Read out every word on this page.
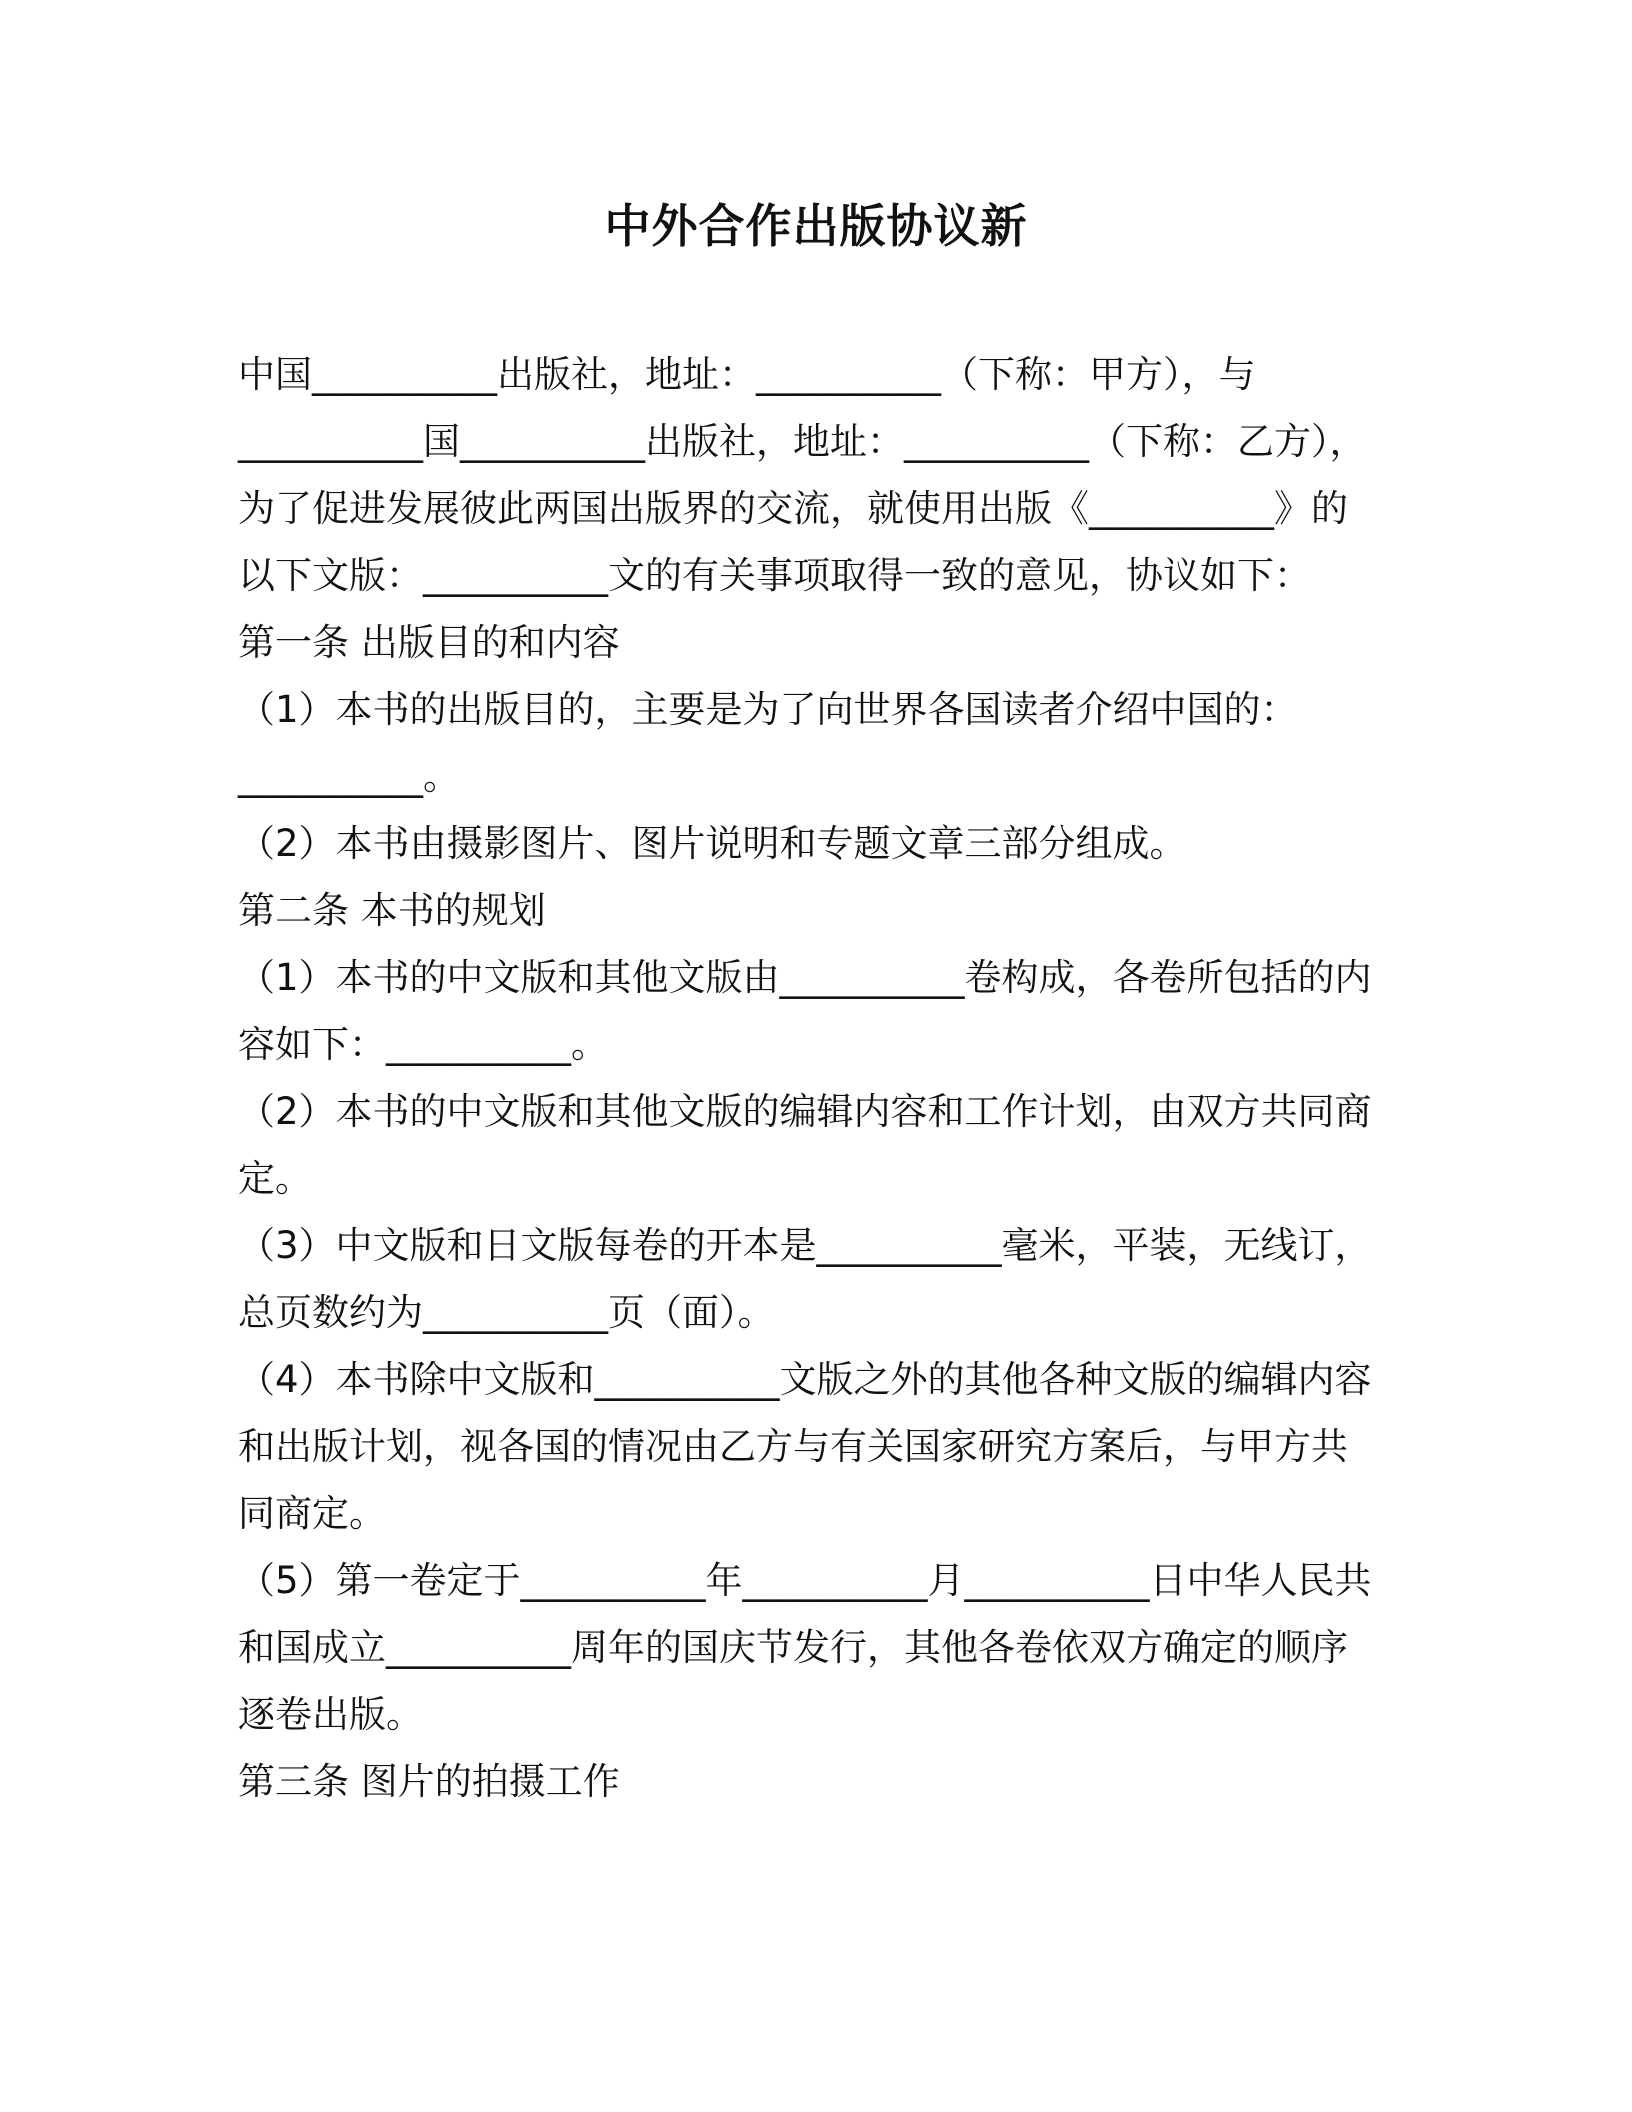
中外合作出版协议新

中国__________出版社，地址：__________（下称：甲方），与

__________国__________出版社，地址：__________（下称：乙方），

为了促进发展彼此两国出版界的交流，就使用出版《__________》的

以下文版：__________文的有关事项取得一致的意见，协议如下：

第一条 出版目的和内容

（1）本书的出版目的，主要是为了向世界各国读者介绍中国的：

__________。

（2）本书由摄影图片、图片说明和专题文章三部分组成。

第二条 本书的规划

（1）本书的中文版和其他文版由__________卷构成，各卷所包括的内

容如下：__________。

（2）本书的中文版和其他文版的编辑内容和工作计划，由双方共同商

定。

（3）中文版和日文版每卷的开本是__________毫米，平装，无线订，

总页数约为__________页（面）。

（4）本书除中文版和__________文版之外的其他各种文版的编辑内容

和出版计划，视各国的情况由乙方与有关国家研究方案后，与甲方共

同商定。

（5）第一卷定于__________年__________月__________日中华人民共

和国成立__________周年的国庆节发行，其他各卷依双方确定的顺序

逐卷出版。

第三条 图片的拍摄工作
